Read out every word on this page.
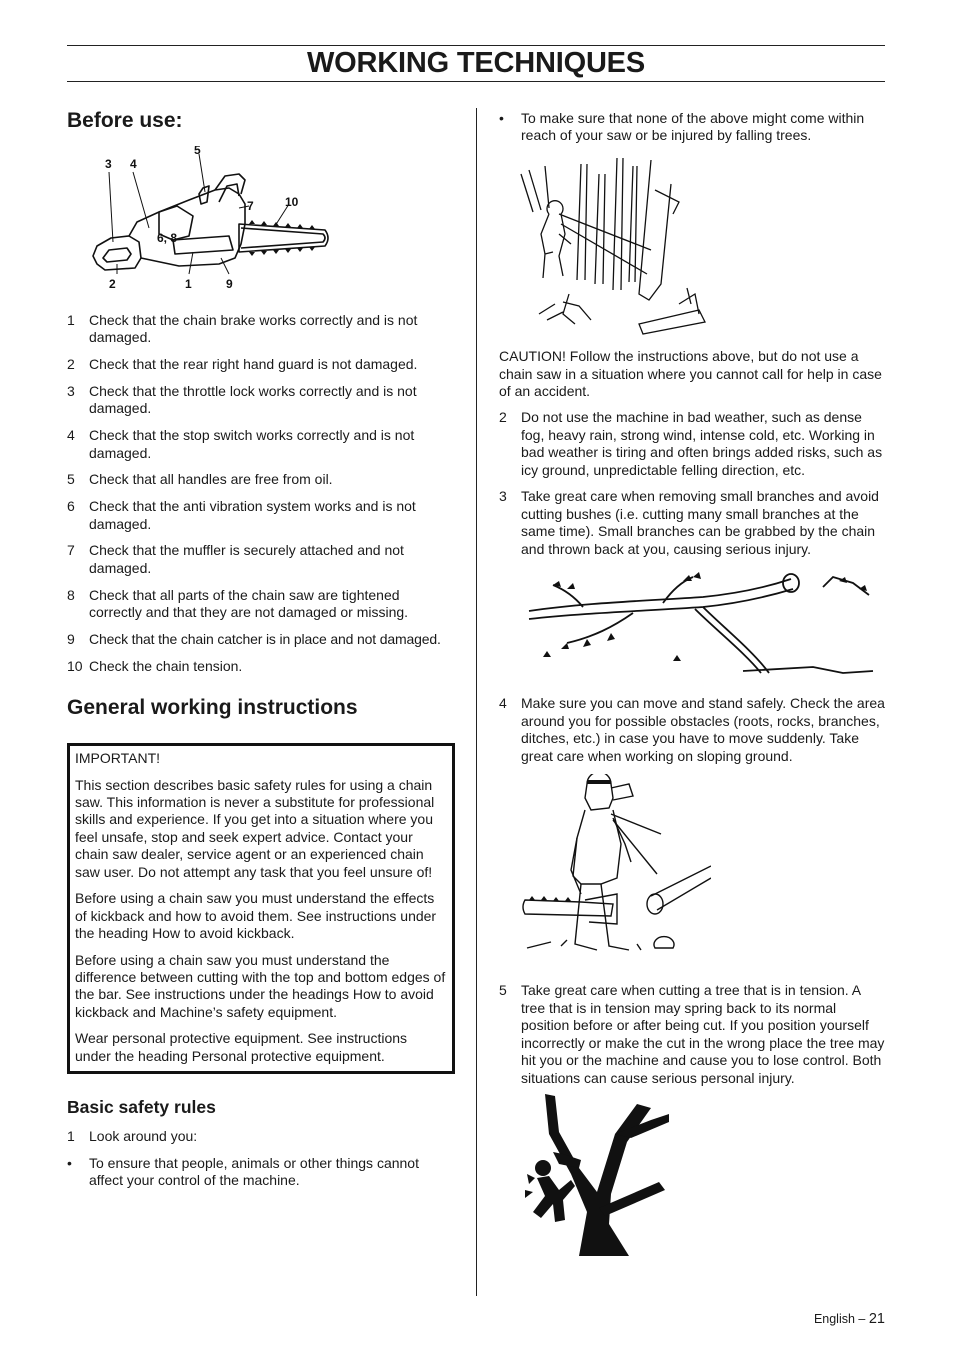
WORKING TECHNIQUES
Before use:
3 4
5
7	10
6, 8
2	1	9
1	Check that the chain brake works correctly and is not damaged.
2	Check that the rear right hand guard is not damaged.
3	Check that the throttle lock works correctly and is not damaged.
4	Check that the stop switch works correctly and is not damaged.
5	Check that all handles are free from oil.
6	Check that the anti vibration system works and is not damaged.
7	Check that the muffler is securely attached and not damaged.
8	Check that all parts of the chain saw are tightened correctly and that they are not damaged or missing.
9	Check that the chain catcher is in place and not damaged.
10 Check the chain tension.
General working instructions

IMPORTANT!

This section describes basic safety rules for using a chain saw. This information is never a substitute for professional skills and experience. If you get into a situation where you feel unsafe, stop and seek expert advice. Contact your chain saw dealer, service agent or an experienced chain saw user. Do not attempt any task that you feel unsure of!

Before using a chain saw you must understand the effects of kickback and how to avoid them. See instructions under the heading How to avoid kickback.

Before using a chain saw you must understand the difference between cutting with the top and bottom edges of the bar. See instructions under the headings How to avoid kickback and Machine’s safety equipment.

Wear personal protective equipment. See instructions under the heading Personal protective equipment.

Basic safety rules
1	Look around you:
•	To ensure that people, animals or other things cannot affect your control of the machine.
•	To make sure that none of the above might come within reach of your saw or be injured by falling trees.

CAUTION! Follow the instructions above, but do not use a chain saw in a situation where you cannot call for help in case of an accident.

2	Do not use the machine in bad weather, such as dense fog, heavy rain, strong wind, intense cold, etc. Working in bad weather is tiring and often brings added risks, such as icy ground, unpredictable felling direction, etc.
3	Take great care when removing small branches and avoid cutting bushes (i.e. cutting many small branches at the same time). Small branches can be grabbed by the chain and thrown back at you, causing serious injury.
4	Make sure you can move and stand safely. Check the area around you for possible obstacles (roots, rocks, branches, ditches, etc.) in case you have to move suddenly. Take great care when working on sloping ground.
5	Take great care when cutting a tree that is in tension. A tree that is in tension may spring back to its normal position before or after being cut. If you position yourself incorrectly or make the cut in the wrong place the tree may hit you or the machine and cause you to lose control. Both situations can cause serious personal injury.
English – 21
